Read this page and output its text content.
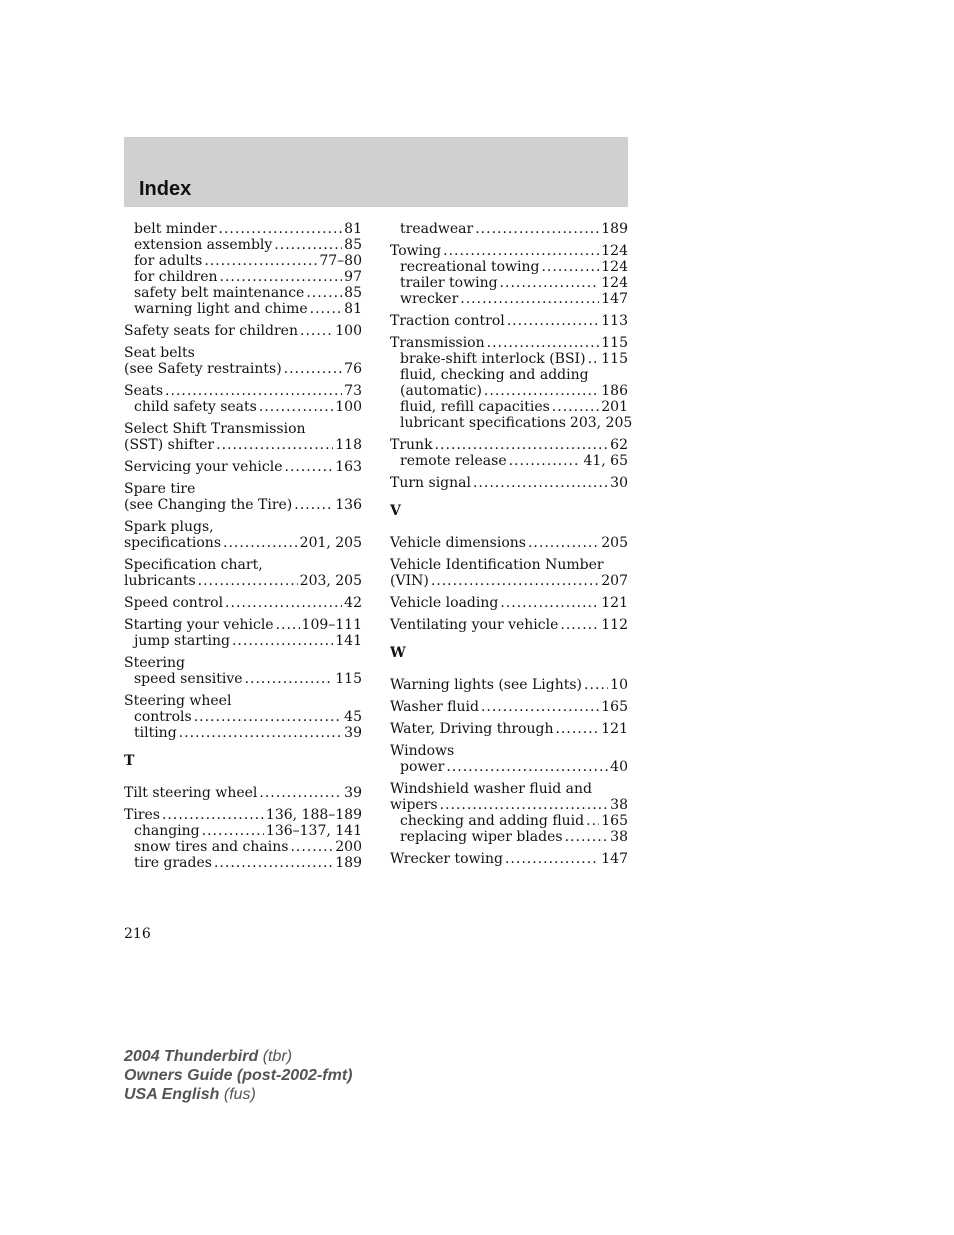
Index
belt minder .....	81
extension assembly .....	85
for adults .....	77–80
for children .....	97
safety belt maintenance .....	85
warning light and chime .....	81
Safety seats for children .....	100
Seat belts
(see Safety restraints) .....	76
Seats .....	73
child safety seats .....	100
Select Shift Transmission
(SST) shifter .....	118
Servicing your vehicle .....	163
Spare tire
(see Changing the Tire) .....	136
Spark plugs,
specifications .....	201, 205
Specification chart,
lubricants .....	203, 205
Speed control .....	42
Starting your vehicle ..... 109–111
jump starting .....	141
Steering
speed sensitive .....	115
Steering wheel
controls .....	45
tilting .....	39
T
Tilt steering wheel .....	39
Tires .....	136, 188–189
changing .....	136–137, 141
snow tires and chains .....	200
tire grades .....	189
treadwear .....	189
Towing .....	124
recreational towing .....	124
trailer towing .....	124
wrecker .....	147
Traction control .....	113
Transmission .....	115
brake-shift interlock (BSI) ..... 115
fluid, checking and adding
(automatic) .....	186
fluid, refill capacities .....	201
lubricant specifications 203, 205
Trunk .....	62
remote release .....	41, 65
Turn signal .....	30
V
Vehicle dimensions .....	205
Vehicle Identification Number
(VIN) .....	207
Vehicle loading .....	121
Ventilating your vehicle .....	112
W
Warning lights (see Lights) ..... 10
Washer fluid .....	165
Water, Driving through .....	121
Windows
power .....	40
Windshield washer fluid and
wipers .....	38
checking and adding fluid ..... 165
replacing wiper blades .....	38
Wrecker towing .....	147
216
2004 Thunderbird (tbr)
Owners Guide (post-2002-fmt)
USA English (fus)
